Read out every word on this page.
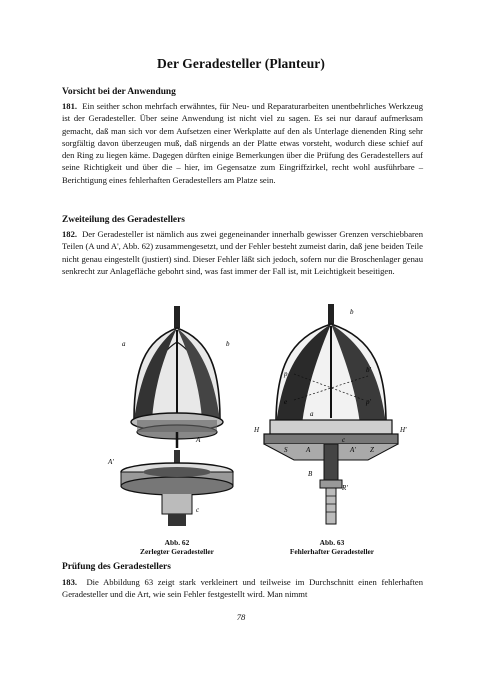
Der Geradesteller (Planteur)
Vorsicht bei der Anwendung

181. Ein seither schon mehrfach erwähntes, für Neu- und Reparaturarbeiten unentbehrliches Werkzeug ist der Geradesteller. Über seine Anwendung ist nicht viel zu sagen. Es sei nur darauf aufmerksam gemacht, daß man sich vor dem Aufsetzen einer Werkplatte auf den als Unterlage dienenden Ring sehr sorgfältig davon überzeugen muß, daß nirgends an der Platte etwas vorsteht, wodurch diese schief auf den Ring zu liegen käme. Dagegen dürften einige Bemerkungen über die Prüfung des Geradestellers auf seine Richtigkeit und über die – hier, im Gegensatze zum Eingriffzirkel, recht wohl ausführbare – Berichtigung eines fehlerhaften Geradestellers am Platze sein.

Zweiteilung des Geradestellers

182. Der Geradesteller ist nämlich aus zwei gegeneinander innerhalb gewisser Grenzen verschiebbaren Teilen (A und A', Abb. 62) zusammengesetzt, und der Fehler besteht zumeist darin, daß jene beiden Teile nicht genau eingestellt (justiert) sind. Dieser Fehler läßt sich jedoch, sofern nur die Broschenlager genau senkrecht zur Anlagefläche gebohrt sind, was fast immer der Fall ist, mit Leichtigkeit beseitigen.

a	b
A
A'
c
Abb. 62
Zerlegter Geradesteller
b
p	b'
p'
e
a
H	H'
c
A
S	A' Z
B
R'
Abb. 63
Fehlerhafter Geradesteller
Prüfung des Geradestellers

183. Die Abbildung 63 zeigt stark verkleinert und teilweise im Durchschnitt einen fehlerhaften Geradesteller und die Art, wie sein Fehler festgestellt wird. Man nimmt

78
